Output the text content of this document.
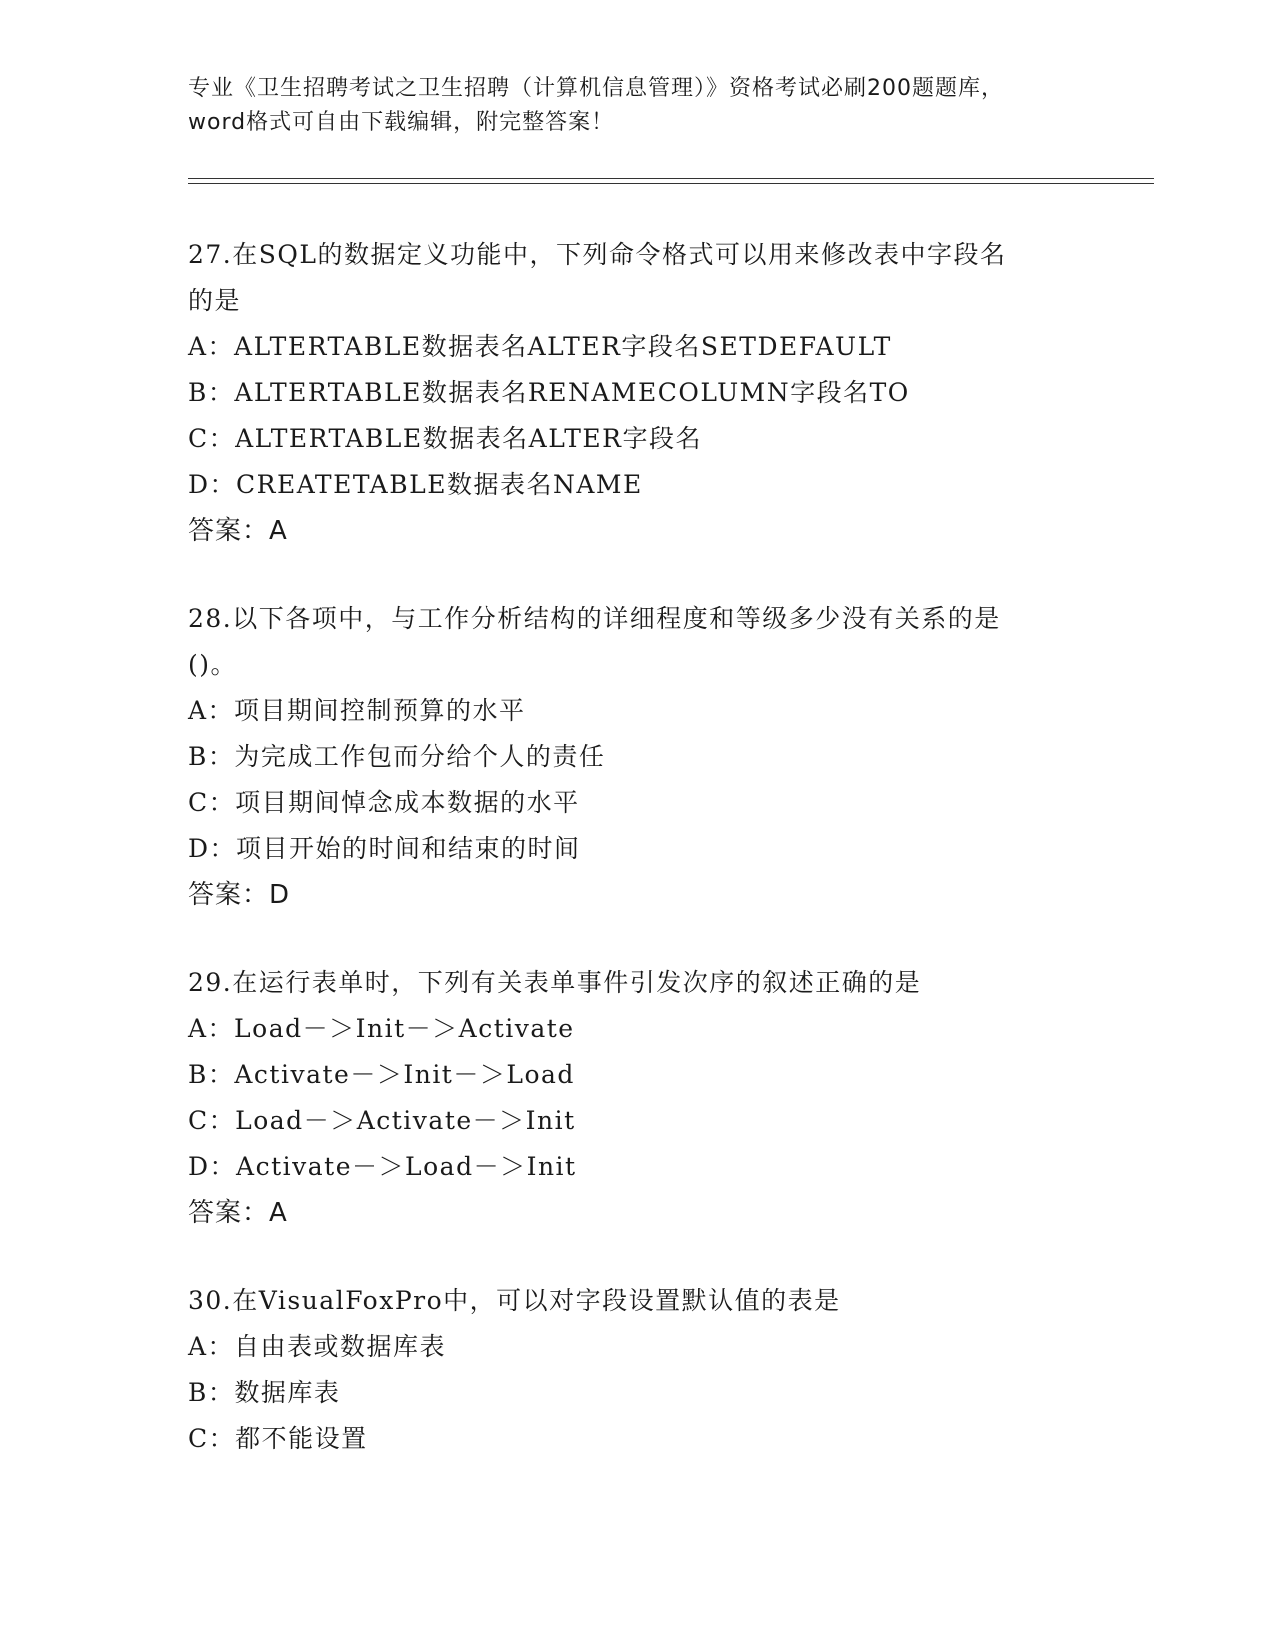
专业《卫生招聘考试之卫生招聘（计算机信息管理）》资格考试必刷200题题库，
word格式可自由下载编辑，附完整答案！
27.在SQL的数据定义功能中，下列命令格式可以用来修改表中字段名
的是
A：ALTERTABLE数据表名ALTER字段名SETDEFAULT
B：ALTERTABLE数据表名RENAMECOLUMN字段名TO
C：ALTERTABLE数据表名ALTER字段名
D：CREATETABLE数据表名NAME
答案：A
28.以下各项中，与工作分析结构的详细程度和等级多少没有关系的是
()。
A：项目期间控制预算的水平
B：为完成工作包而分给个人的责任
C：项目期间悼念成本数据的水平
D：项目开始的时间和结束的时间
答案：D
29.在运行表单时，下列有关表单事件引发次序的叙述正确的是
A：Load－＞Init－＞Activate
B：Activate－＞Init－＞Load
C：Load－＞Activate－＞Init
D：Activate－＞Load－＞Init
答案：A
30.在VisualFoxPro中，可以对字段设置默认值的表是
A：自由表或数据库表
B：数据库表
C：都不能设置
